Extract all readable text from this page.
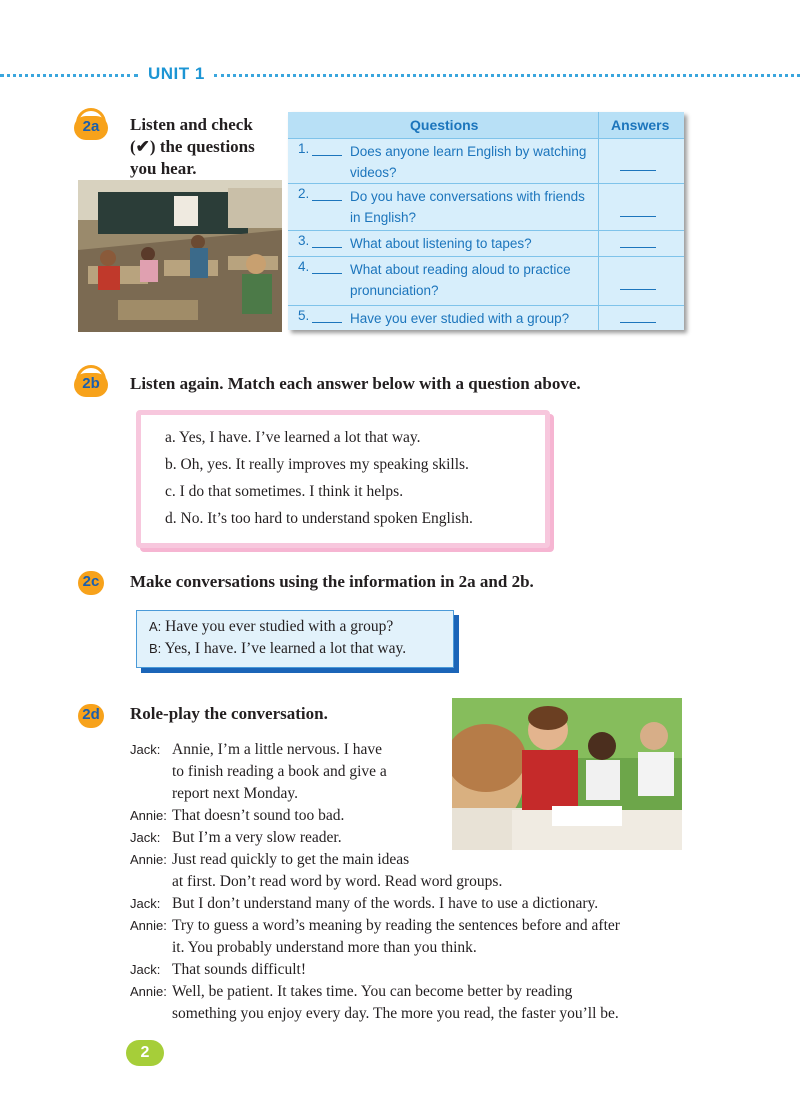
UNIT 1
2a	Listen and check
(✔) the questions
you hear.
Questions	Answers
1.	Does anyone learn English by watching videos?
2.	Do you have conversations with friends in English?
3.	What about listening to tapes?
4.	What about reading aloud to practice pronunciation?
5.	Have you ever studied with a group?
2b	Listen again. Match each answer below with a question above.
a. Yes, I have. I’ve learned a lot that way.
b. Oh, yes. It really improves my speaking skills.
c. I do that sometimes. I think it helps.
d. No. It’s too hard to understand spoken English.
2c Make conversations using the information in 2a and 2b.
A: Have you ever studied with a group?
B: Yes, I have. I’ve learned a lot that way.
2d Role-play the conversation.
Jack: Annie, I’m a little nervous. I have
to finish reading a book and give a
report next Monday.
Annie: That doesn’t sound too bad.
Jack: But I’m a very slow reader.
Annie: Just read quickly to get the main ideas
at first. Don’t read word by word. Read word groups.
Jack: But I don’t understand many of the words. I have to use a dictionary.
Annie: Try to guess a word’s meaning by reading the sentences before and after
it. You probably understand more than you think.
Jack: That sounds difficult!
Annie: Well, be patient. It takes time. You can become better by reading
something you enjoy every day. The more you read, the faster you’ll be.
2
